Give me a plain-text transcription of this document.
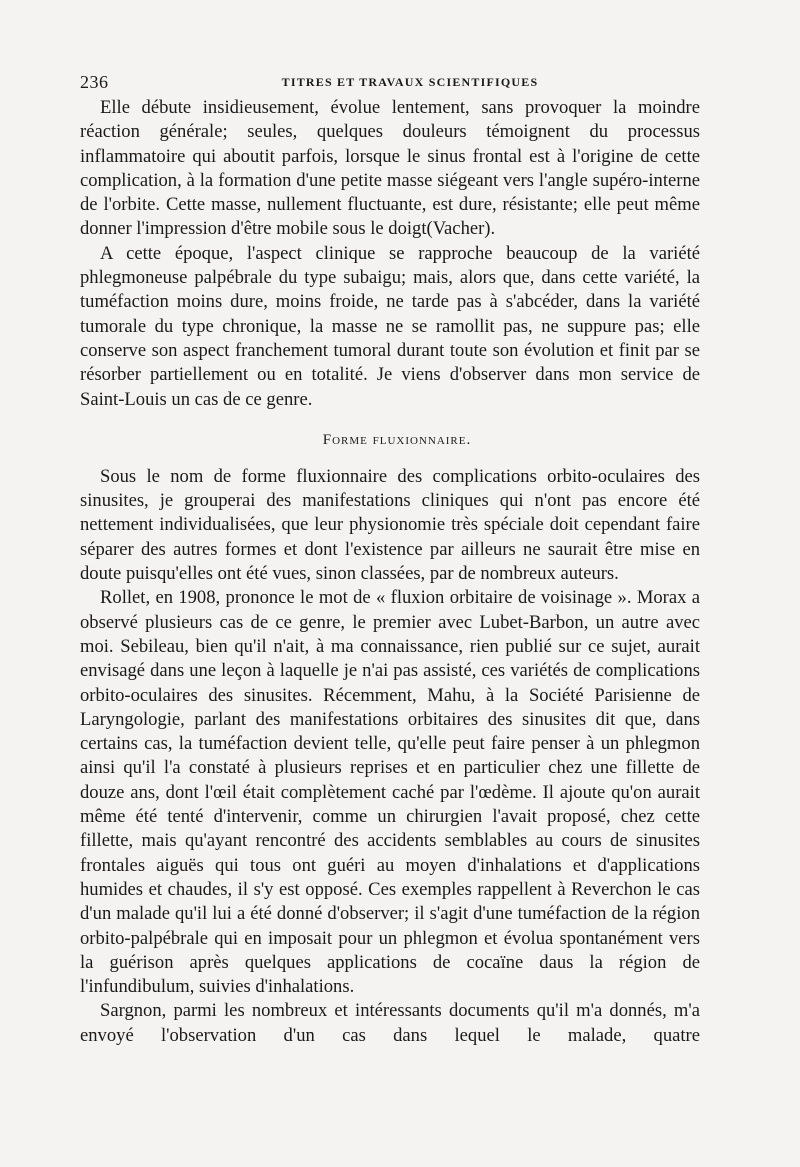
236	TITRES ET TRAVAUX SCIENTIFIQUES

Elle débute insidieusement, évolue lentement, sans provoquer la moindre réaction générale; seules, quelques douleurs témoignent du processus inflammatoire qui aboutit parfois, lorsque le sinus frontal est à l'origine de cette complication, à la formation d'une petite masse siégeant vers l'angle supéro-interne de l'orbite. Cette masse, nullement fluctuante, est dure, résistante; elle peut même donner l'impression d'être mobile sous le doigt(Vacher).

A cette époque, l'aspect clinique se rapproche beaucoup de la variété phlegmoneuse palpébrale du type subaigu; mais, alors que, dans cette variété, la tuméfaction moins dure, moins froide, ne tarde pas à s'abcéder, dans la variété tumorale du type chronique, la masse ne se ramollit pas, ne suppure pas; elle conserve son aspect franchement tumoral durant toute son évolution et finit par se résorber partiellement ou en totalité. Je viens d'observer dans mon service de Saint-Louis un cas de ce genre.

Forme fluxionnaire.

Sous le nom de forme fluxionnaire des complications orbito-oculaires des sinusites, je grouperai des manifestations cliniques qui n'ont pas encore été nettement individualisées, que leur physionomie très spéciale doit cependant faire séparer des autres formes et dont l'existence par ailleurs ne saurait être mise en doute puisqu'elles ont été vues, sinon classées, par de nombreux auteurs.

Rollet, en 1908, prononce le mot de « fluxion orbitaire de voisinage ». Morax a observé plusieurs cas de ce genre, le premier avec Lubet-Barbon, un autre avec moi. Sebileau, bien qu'il n'ait, à ma connaissance, rien publié sur ce sujet, aurait envisagé dans une leçon à laquelle je n'ai pas assisté, ces variétés de complications orbito-oculaires des sinusites. Récemment, Mahu, à la Société Parisienne de Laryngologie, parlant des manifestations orbitaires des sinusites dit que, dans certains cas, la tuméfaction devient telle, qu'elle peut faire penser à un phlegmon ainsi qu'il l'a constaté à plusieurs reprises et en particulier chez une fillette de douze ans, dont l'œil était complètement caché par l'œdème. Il ajoute qu'on aurait même été tenté d'intervenir, comme un chirurgien l'avait proposé, chez cette fillette, mais qu'ayant rencontré des accidents semblables au cours de sinusites frontales aiguës qui tous ont guéri au moyen d'inhalations et d'applications humides et chaudes, il s'y est opposé. Ces exemples rappellent à Reverchon le cas d'un malade qu'il lui a été donné d'observer; il s'agit d'une tuméfaction de la région orbito-palpébrale qui en imposait pour un phlegmon et évolua spontanément vers la guérison après quelques applications de cocaïne daus la région de l'infundibulum, suivies d'inhalations.

Sargnon, parmi les nombreux et intéressants documents qu'il m'a donnés, m'a envoyé l'observation d'un cas dans lequel le malade, quatre
